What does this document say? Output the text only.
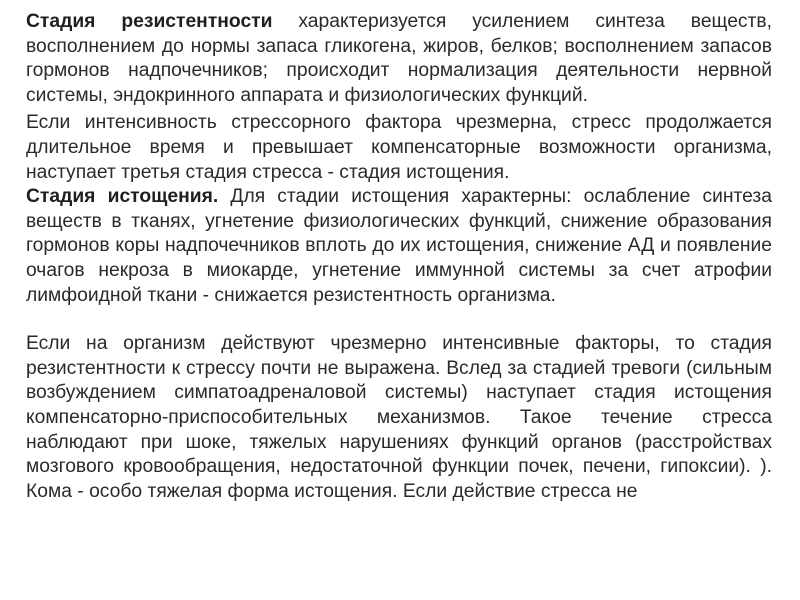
Стадия резистентности характеризуется усилением синтеза веществ, восполнением до нормы запаса гликогена, жиров, белков; восполнением запасов гормонов надпочечников; происходит нормализация деятельности нервной системы, эндокринного аппарата и физиологических функций.

Если интенсивность стрессорного фактора чрезмерна, стресс продолжается длительное время и превышает компенсаторные возможности организма, наступает третья стадия стресса - стадия истощения.

Стадия истощения. Для стадии истощения характерны: ослабление синтеза веществ в тканях, угнетение физиологических функций, снижение образования гормонов коры надпочечников вплоть до их истощения, снижение АД и появление очагов некроза в миокарде, угнетение иммунной системы за счет атрофии лимфоидной ткани - снижается резистентность организма.

Если на организм действуют чрезмерно интенсивные факторы, то стадия резистентности к стрессу почти не выражена. Вслед за стадией тревоги (сильным возбуждением симпатоадреналовой системы) наступает стадия истощения компенсаторно-приспособительных механизмов. Такое течение стресса наблюдают при шоке, тяжелых нарушениях функций органов (расстройствах мозгового кровообращения, недостаточной функции почек, печени, гипоксии). ). Кома - особо тяжелая форма истощения. Если действие стресса не
